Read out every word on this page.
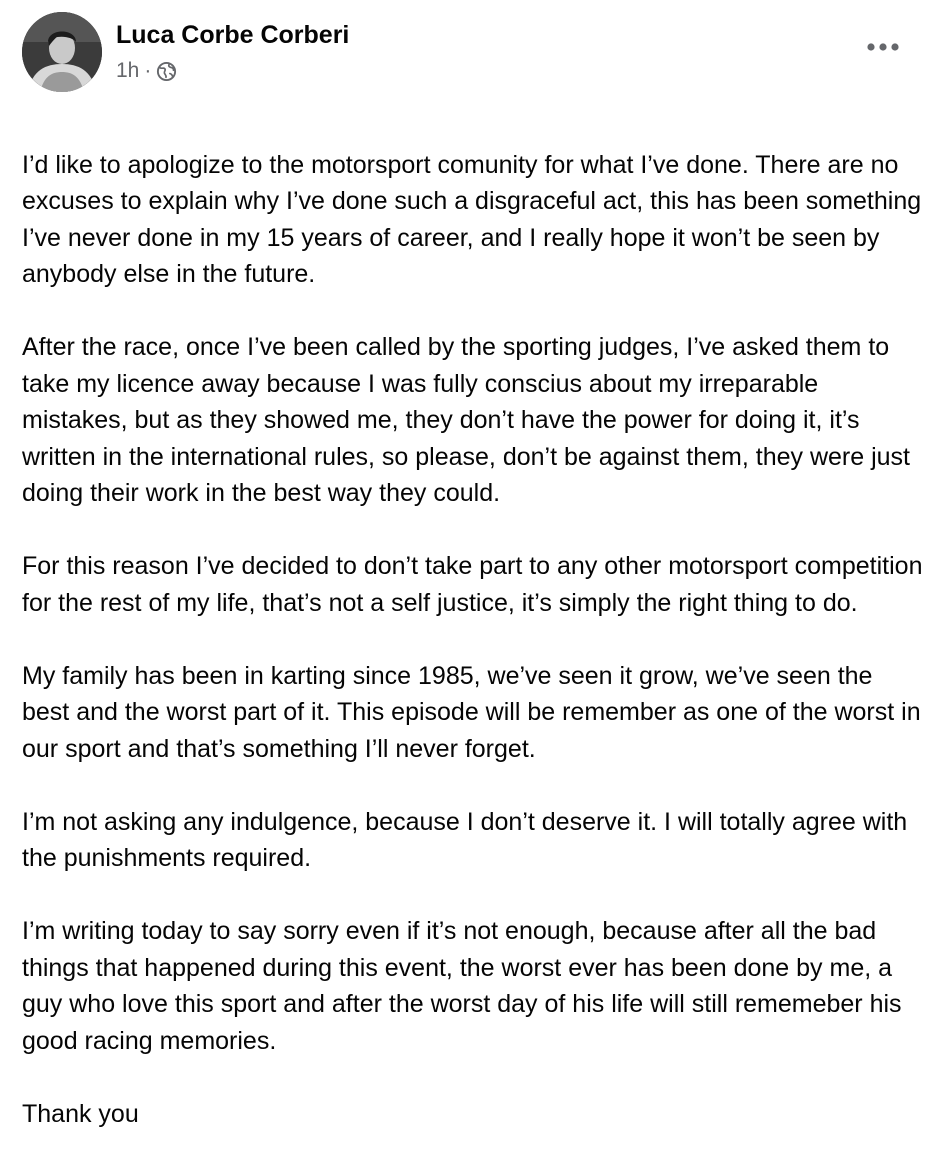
Luca Corbe Corberi
1h ·

I’d like to apologize to the motorsport comunity for what I’ve done. There are no excuses to explain why I’ve done such a disgraceful act, this has been something I’ve never done in my 15 years of career, and I really hope it won’t be seen by anybody else in the future.

After the race, once I’ve been called by the sporting judges, I’ve asked them to take my licence away because I was fully conscius about my irreparable mistakes, but as they showed me, they don’t have the power for doing it, it’s written in the international rules, so please, don’t be against them, they were just doing their work in the best way they could.

For this reason I’ve decided to don’t take part to any other motorsport competition for the rest of my life, that’s not a self justice, it’s simply the right thing to do.

My family has been in karting since 1985, we’ve seen it grow, we’ve seen the best and the worst part of it. This episode will be remember as one of the worst in our sport and that’s something I’ll never forget.

I’m not asking any indulgence, because I don’t deserve it. I will totally agree with the punishments required.

I’m writing today to say sorry even if it’s not enough, because after all the bad things that happened during this event, the worst ever has been done by me, a guy who love this sport and after the worst day of his life will still rememeber his good racing memories.

Thank you
